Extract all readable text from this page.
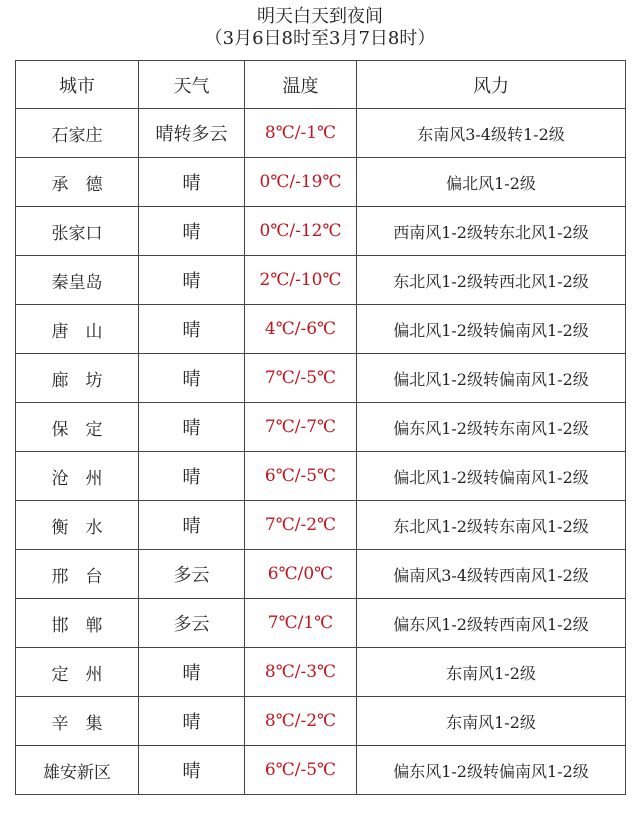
明天白天到夜间
（3月6日8时至3月7日8时）
城市	天气	温度	风力
石家庄	晴转多云	8℃/-1℃	东南风3-4级转1-2级
承　德	晴	0℃/-19℃	偏北风1-2级
张家口	晴	0℃/-12℃	西南风1-2级转东北风1-2级
秦皇岛	晴	2℃/-10℃	东北风1-2级转西北风1-2级
唐　山	晴	4℃/-6℃	偏北风1-2级转偏南风1-2级
廊　坊	晴	7℃/-5℃	偏北风1-2级转偏南风1-2级
保　定	晴	7℃/-7℃	偏东风1-2级转东南风1-2级
沧　州	晴	6℃/-5℃	偏北风1-2级转偏南风1-2级
衡　水	晴	7℃/-2℃	东北风1-2级转东南风1-2级
邢　台	多云	6℃/0℃	偏南风3-4级转西南风1-2级
邯　郸	多云	7℃/1℃	偏东风1-2级转西南风1-2级
定　州	晴	8℃/-3℃	东南风1-2级
辛　集	晴	8℃/-2℃	东南风1-2级
雄安新区	晴	6℃/-5℃	偏东风1-2级转偏南风1-2级
